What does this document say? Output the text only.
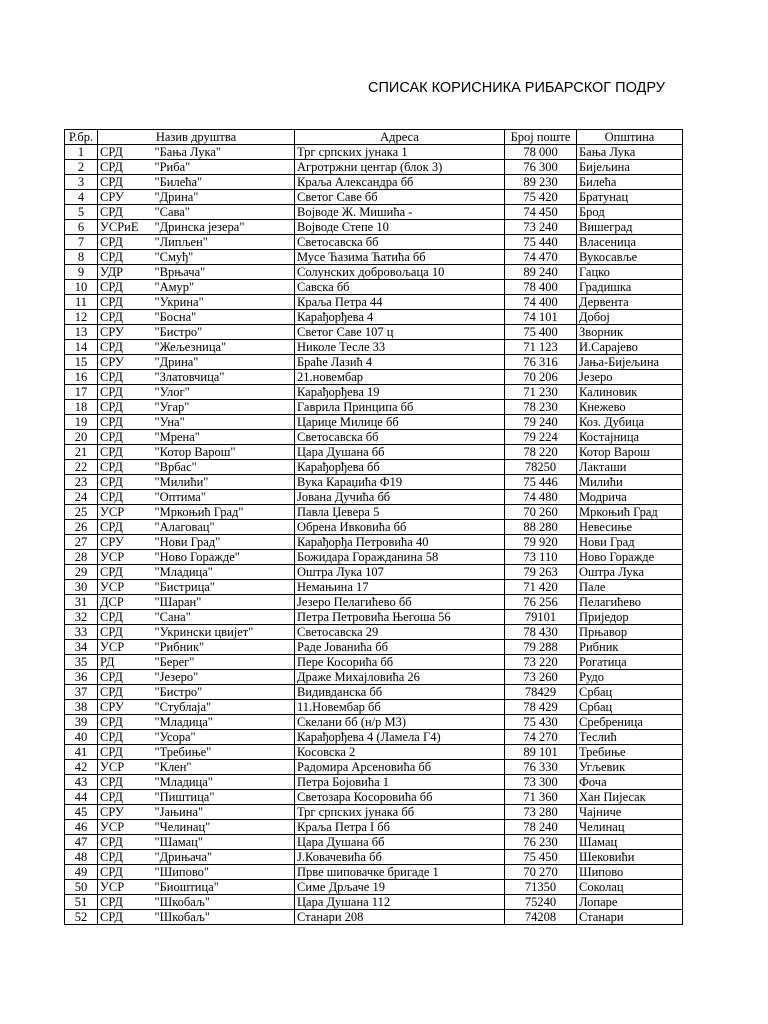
СПИСАК КОРИСНИКА РИБАРСКОГ ПОДРУ
Р.бр.	Назив друштва		Адреса	Број поште	Општина
1	СРД	"Бања Лука"	Трг српских јунака 1	78 000	Бања Лука
2	СРД	"Риба"	Агротржни центар (блок 3)	76 300	Бијељина
3	СРД	"Билећа"	Краља Александра бб	89 230	Билећа
4	СРУ	"Дрина"	Светог Саве бб	75 420	Братунац
5	СРД	"Сава"	Војводе Ж. Мишића -	74 450	Брод
6	УСРиЕ	"Дринска језера"	Војводе Степе 10	73 240	Вишеград
7	СРД	"Липљен"	Светосавска бб	75 440	Власеница
8	СРД	"Смуђ"	Мусе Ћазима Ћатића бб	74 470	Вукосавље
9	УДР	"Врњача"	Солунских добровољаца 10	89 240	Гацко
10	СРД	"Амур"	Савска бб	78 400	Градишка
11	СРД	"Укрина"	Краља Петра 44	74 400	Дервента
12	СРД	"Босна"	Карађорђева 4	74 101	Добој
13	СРУ	"Бистро"	Светог Саве 107 ц	75 400	Зворник
14	СРД	"Жељезница"	Николе Тесле 33	71 123	И.Сарајево
15	СРУ	"Дрина"	Браће Лазић 4	76 316	Јања-Бијељина
16	СРД	"Златовчица"	21.новембар	70 206	Језеро
17	СРД	"Улог"	Карађорђева 19	71 230	Калиновик
18	СРД	"Угар"	Гаврила Принципа бб	78 230	Кнежево
19	СРД	"Уна"	Царице Милице бб	79 240	Коз. Дубица
20	СРД	"Мрена"	Светосавска бб	79 224	Костајница
21	СРД	"Котор Варош"	Цара Душана бб	78 220	Котор Варош
22	СРД	"Врбас"	Карађорђева бб	78250	Лакташи
23	СРД	"Милићи"	Вука Караџића Ф19	75 446	Милићи
24	СРД	"Оптима"	Јована Дучића бб	74 480	Модрича
25	УСР	"Мркоњић Град"	Павла Џевера 5	70 260	Мркоњић Град
26	СРД	"Алаговац"	Обрена Ивковића бб	88 280	Невесиње
27	СРУ	"Нови Град"	Карађорђа Петровића 40	79 920	Нови Град
28	УСР	"Ново Горажде"	Божидара Горажданина 58	73 110	Ново Горажде
29	СРД	"Младица"	Оштра Лука 107	79 263	Оштра Лука
30	УСР	"Бистрица"	Немањина 17	71 420	Пале
31	ДСР	"Шаран"	Језеро Пелагићево бб	76 256	Пелагићево
32	СРД	"Сана"	Петра Петровића Његоша 56	79101	Приједор
33	СРД	"Укрински цвијет"	Светосавска 29	78 430	Прњавор
34	УСР	"Рибник"	Раде Јованића бб	79 288	Рибник
35	РД	"Берег"	Пере Косорића бб	73 220	Рогатица
36	СРД	"Језеро"	Драже Михајловића 26	73 260	Рудо
37	СРД	"Бистро"	Видивданска бб	78429	Србац
38	СРУ	"Стублаја"	11.Новембар бб	78 429	Србац
39	СРД	"Младица"	Скелани бб (н/р МЗ)	75 430	Сребреница
40	СРД	"Усора"	Карађорђева 4 (Ламела Г4)	74 270	Теслић
41	СРД	"Требиње"	Косовска 2	89 101	Требиње
42	УСР	"Клен"	Радомира Арсеновића бб	76 330	Угљевик
43	СРД	"Младица"	Петра Бојовића 1	73 300	Фоча
44	СРД	"Пиштица"	Светозара Косоровића бб	71 360	Хан Пијесак
45	СРУ	"Јањина"	Трг српских јунака бб	73 280	Чајниче
46	УСР	"Челинац"	Краља Петра I бб	78 240	Челинац
47	СРД	"Шамац"	Цара Душана бб	76 230	Шамац
48	СРД	"Дрињача"	Ј.Ковачевића бб	75 450	Шековићи
49	СРД	"Шипово"	Прве шиповачке бригаде 1	70 270	Шипово
50	УСР	"Биоштица"	Симе Дрљаче 19	71350	Соколац
51	СРД	"Шкобаљ"	Цара Душана 112	75240	Лопаре
52	СРД	"Шкобаљ"	Станари 208	74208	Станари
